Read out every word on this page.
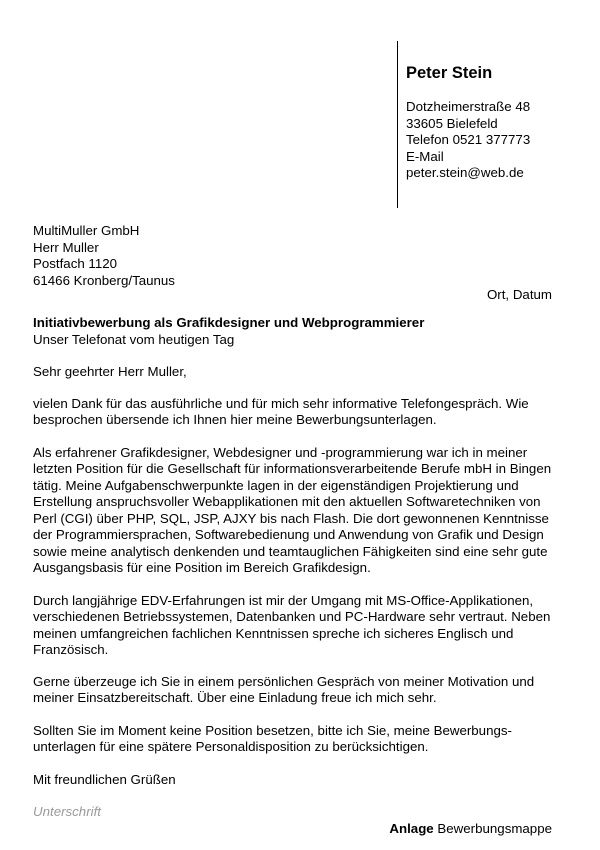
Peter Stein
Dotzheimerstraße 48
33605 Bielefeld
Telefon 0521 377773
E-Mail
peter.stein@web.de
MultiMuller GmbH
Herr Muller
Postfach 1120
61466 Kronberg/Taunus
Ort, Datum
Initiativbewerbung als Grafikdesigner und Webprogrammierer
Unser Telefonat vom heutigen Tag

Sehr geehrter Herr Muller,

vielen Dank für das ausführliche und für mich sehr informative Telefongespräch. Wie besprochen übersende ich Ihnen hier meine Bewerbungsunterlagen.

Als erfahrener Grafikdesigner, Webdesigner und -programmierung war ich in meiner letzten Position für die Gesellschaft für informationsverarbeitende Berufe mbH in Bingen tätig. Meine Aufgabenschwerpunkte lagen in der eigenständigen Projektierung und Erstellung anspruchsvoller Webapplikationen mit den aktuellen Softwaretechniken von Perl (CGI) über PHP, SQL, JSP, AJXY bis nach Flash. Die dort gewonnenen Kenntnisse der Programmiersprachen, Softwarebedienung und Anwendung von Grafik und Design sowie meine analytisch denkenden und teamtauglichen Fähigkeiten sind eine sehr gute Ausgangsbasis für eine Position im Bereich Grafikdesign.

Durch langjährige EDV-Erfahrungen ist mir der Umgang mit MS-Office-Applikationen, verschiedenen Betriebssystemen, Datenbanken und PC-Hardware sehr vertraut. Neben meinen umfangreichen fachlichen Kenntnissen spreche ich sicheres Englisch und Französisch.

Gerne überzeuge ich Sie in einem persönlichen Gespräch von meiner Motivation und meiner Einsatzbereitschaft. Über eine Einladung freue ich mich sehr.

Sollten Sie im Moment keine Position besetzen, bitte ich Sie, meine Bewerbungs-unterlagen für eine spätere Personaldisposition zu berücksichtigen.

Mit freundlichen Grüßen

Unterschrift

Anlage Bewerbungsmappe
